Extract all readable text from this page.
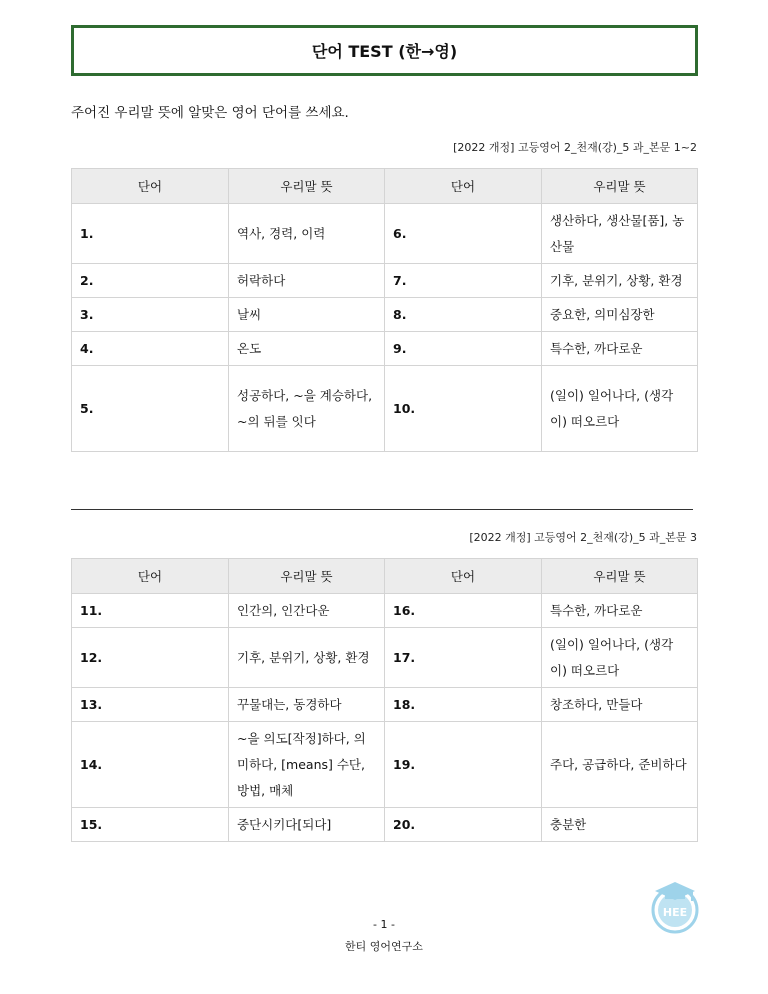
단어 TEST (한→영)
주어진 우리말 뜻에 알맞은 영어 단어를 쓰세요.
[2022 개정] 고등영어 2_천재(강)_5 과_본문 1~2
단어	우리말 뜻	단어	우리말 뜻
1.	역사, 경력, 이력	6.	생산하다, 생산물[품], 농산물
2.	허락하다	7.	기후, 분위기, 상황, 환경
3.	날씨	8.	중요한, 의미심장한
4.	온도	9.	특수한, 까다로운
5.	성공하다, ~을 계승하다, ~의 뒤를 잇다	10.	(일이) 일어나다, (생각이) 떠오르다
[2022 개정] 고등영어 2_천재(강)_5 과_본문 3
단어	우리말 뜻	단어	우리말 뜻
11.	인간의, 인간다운	16.	특수한, 까다로운
12.	기후, 분위기, 상황, 환경	17.	(일이) 일어나다, (생각이) 떠오르다
13.	꾸물대는, 동경하다	18.	창조하다, 만들다
14.	~을 의도[작정]하다, 의미하다, [means] 수단, 방법, 매체	19.	주다, 공급하다, 준비하다
15.	중단시키다[되다]	20.	충분한
HEE
- 1 -
한티 영어연구소
